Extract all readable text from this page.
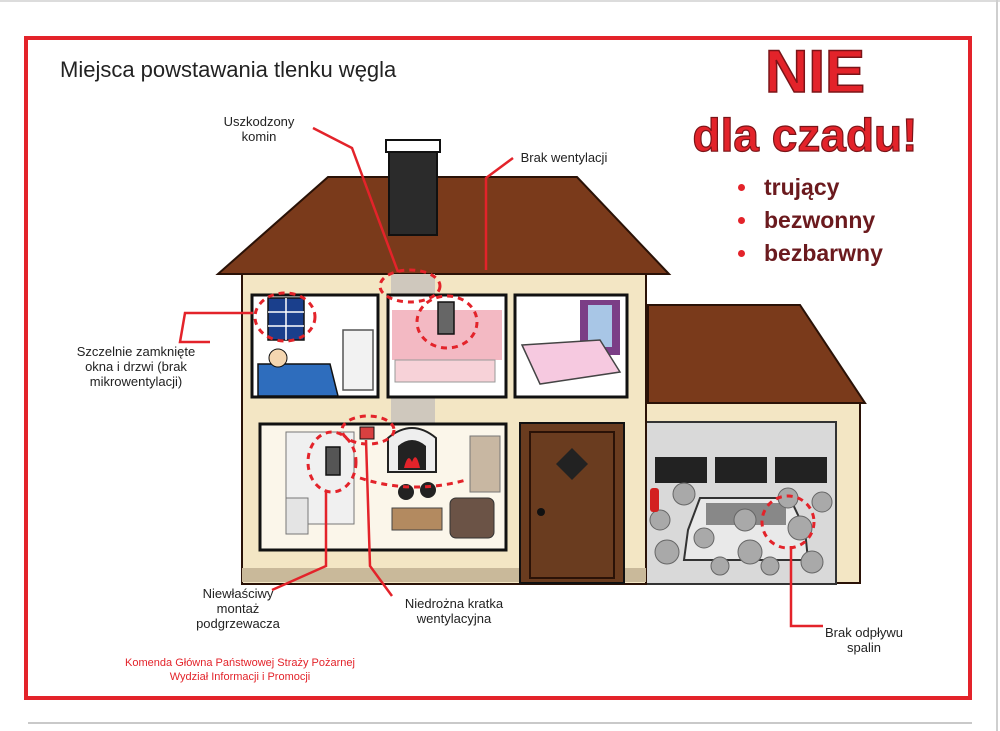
Miejsca powstawania tlenku węgla	NIE
dla czadu!
trujący
bezwonny
bezbarwny
Uszkodzony
komin
Brak wentylacji
Szczelnie zamknięte
okna i drzwi (brak
mikrowentylacji)
Niewłaściwy
montaż
podgrzewacza
Niedrożna kratka
wentylacyjna
Brak odpływu
spalin
Komenda Główna Państwowej Straży Pożarnej
Wydział Informacji i Promocji
